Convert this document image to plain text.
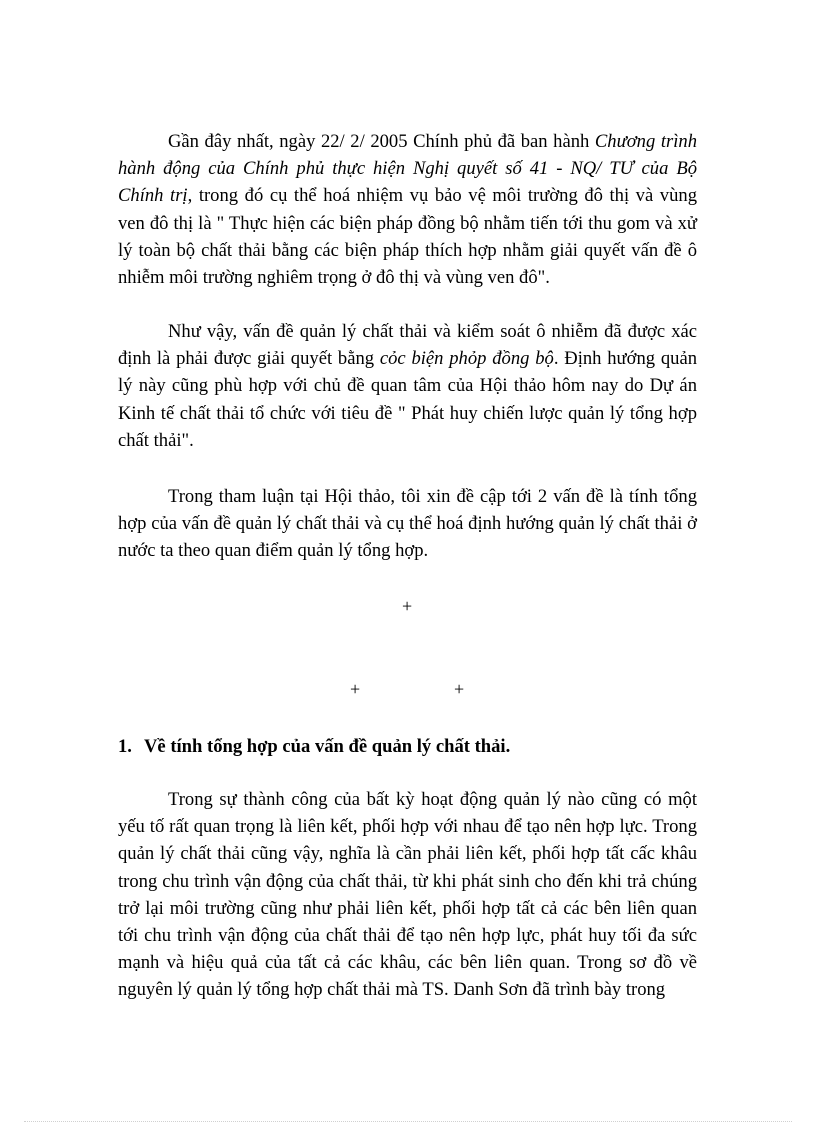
Gần đây nhất, ngày 22/ 2/ 2005 Chính phủ đã ban hành Chương trình hành động của Chính phủ thực hiện Nghị quyết số 41 - NQ/ TƯ của Bộ Chính trị, trong đó cụ thể hoá nhiệm vụ bảo vệ môi trường đô thị và vùng ven đô thị là " Thực hiện các biện pháp đồng bộ nhằm tiến tới thu gom và xử lý toàn bộ chất thải bằng các biện pháp thích hợp nhằm giải quyết vấn đề ô nhiễm môi trường nghiêm trọng ở đô thị và vùng ven đô".

Như vậy, vấn đề quản lý chất thải và kiểm soát ô nhiễm đã được xác định là phải được giải quyết bằng cỏc biện phỏp đồng bộ. Định hướng quản lý này cũng phù hợp với chủ đề quan tâm của Hội thảo hôm nay do Dự án Kinh tế chất thải tổ chức với tiêu đề " Phát huy chiến lược quản lý tổng hợp chất thải".

Trong tham luận tại Hội thảo, tôi xin đề cập tới 2 vấn đề là tính tổng hợp của vấn đề quản lý chất thải và cụ thể hoá định hướng quản lý chất thải ở nước ta theo quan điểm quản lý tổng hợp.

+
+	+
1. Về tính tổng hợp của vấn đề quản lý chất thải.

Trong sự thành công của bất kỳ hoạt động quản lý nào cũng có một yếu tố rất quan trọng là liên kết, phối hợp với nhau để tạo nên hợp lực. Trong quản lý chất thải cũng vậy, nghĩa là cần phải liên kết, phối hợp tất cấc khâu trong chu trình vận động của chất thải, từ khi phát sinh cho đến khi trả chúng trở lại môi trường cũng như phải liên kết, phối hợp tất cả các bên liên quan tới chu trình vận động của chất thải để tạo nên hợp lực, phát huy tối đa sức mạnh và hiệu quả của tất cả các khâu, các bên liên quan. Trong sơ đồ về nguyên lý quản lý tổng hợp chất thải mà TS. Danh Sơn đã trình bày trong
